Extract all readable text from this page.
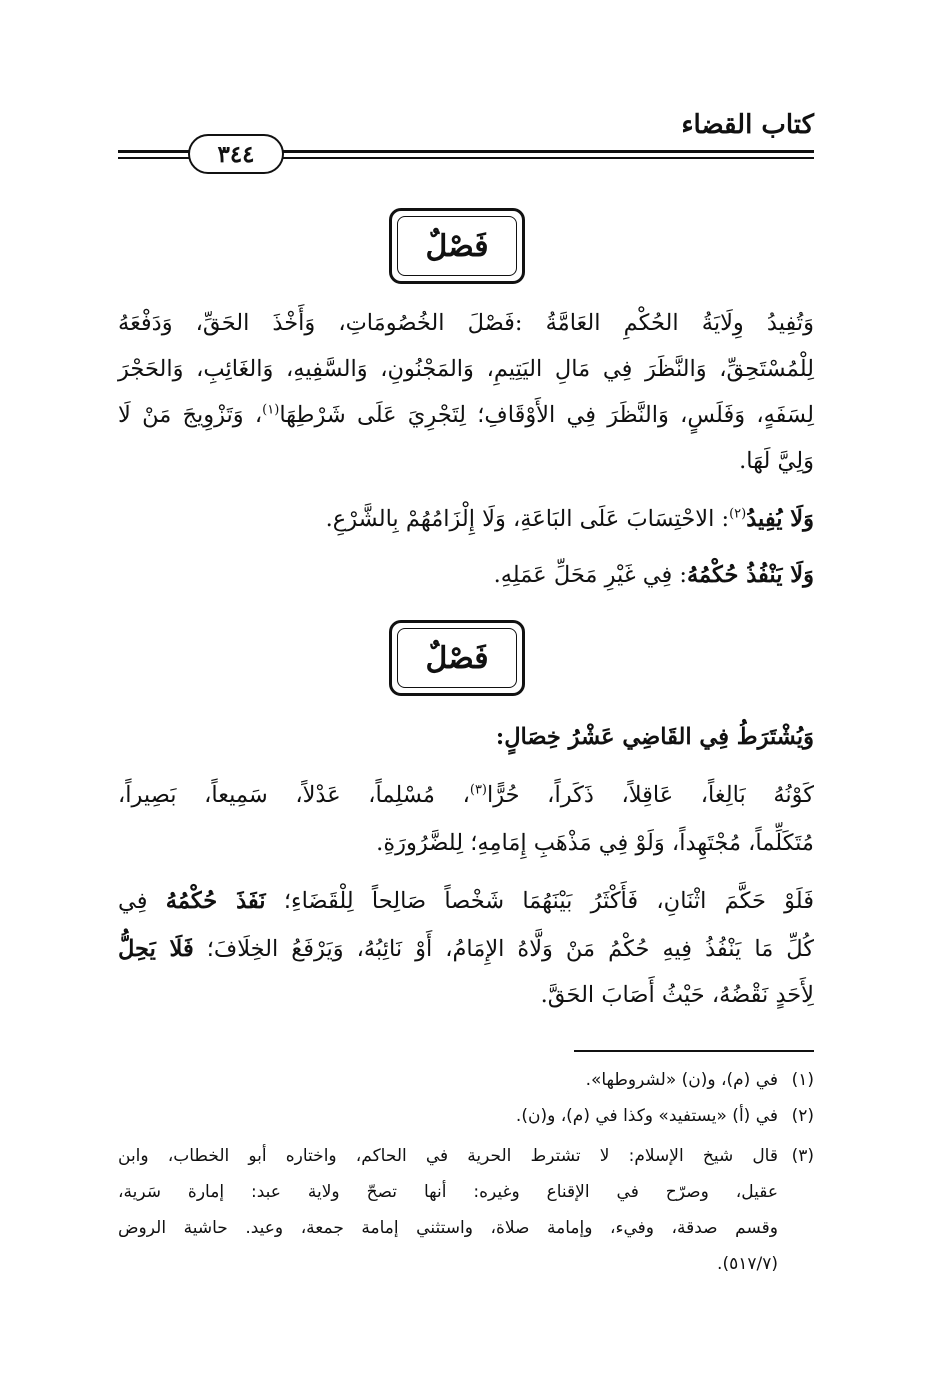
كتاب القضاء
٣٤٤
فَصْلٌ
وَتُفِيدُ وِلَايَةُ الحُكْمِ العَامَّةُ :فَصْلَ الخُصُومَاتِ، وَأَخْذَ الحَقِّ، وَدَفْعَهُ
لِلْمُسْتَحِقِّ، وَالنَّظَرَ فِي مَالِ اليَتِيمِ، وَالمَجْنُونِ، وَالسَّفِيهِ، وَالغَائِبِ، وَالحَجْرَ
لِسَفَهٍ، وَفَلَسٍ، وَالنَّظَرَ فِي الأَوْقَافِ؛ لِتَجْرِيَ عَلَى شَرْطِهَا$^{(١)}$، وَتَزْوِيجَ مَنْ لَا
وَلِيَّ لَهَا.
وَلَا يُفِيدُ$^{(٢)}$: الاحْتِسَابَ عَلَى البَاعَةِ، وَلَا إِلْزَامُهُمْ بِالشَّرْعِ.
وَلَا يَنْفُذُ حُكْمُهُ: فِي غَيْرِ مَحَلِّ عَمَلِهِ.
فَصْلٌ
وَيُشْتَرَطُ فِي القَاضِي عَشْرُ خِصَالٍ:
كَوْنُهُ بَالِغاً، عَاقِلاً، ذَكَراً، حُرًّا$^{(٣)}$، مُسْلِماً، عَدْلاً، سَمِيعاً، بَصِيراً،
مُتَكَلِّماً، مُجْتَهِداً، وَلَوْ فِي مَذْهَبِ إِمَامِهِ؛ لِلضَّرُورَةِ.
فَلَوْ حَكَّمَ اثْنَانِ، فَأَكْثَرُ بَيْنَهُمَا شَخْصاً صَالِحاً لِلْقَضَاءِ؛ نَفَذَ حُكْمُهُ فِي
كُلِّ مَا يَنْفُذُ فِيهِ حُكْمُ مَنْ وَلَّاهُ الإِمَامُ، أَوْ نَائِبُهُ، وَيَرْفَعُ الخِلَافَ؛ فَلَا يَحِلُّ
لِأَحَدٍ نَقْضُهُ، حَيْثُ أَصَابَ الحَقَّ.
(١)في (م)، و(ن) «لشروطها».
(٢)في (أ) «يستفيد» وكذا في (م)، و(ن).
(٣)قال شيخ الإسلام: لا تشترط الحرية في الحاكم، واختاره أبو الخطاب، وابن
عقيل، وصرّح في الإقناع وغيره: أنها تصحّ ولاية عبد: إمارة سَرية،
وقسم صدقة، وفيء، وإمامة صلاة، واستثني إمامة جمعة، وعيد. حاشية الروض
(٥١٧/٧).
